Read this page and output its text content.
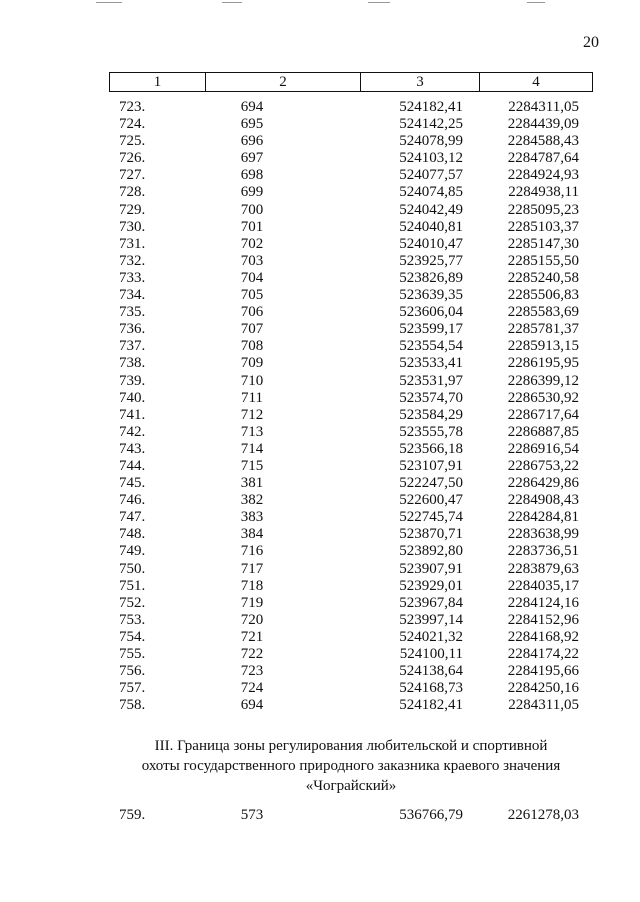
20
1	2	3	4
723.	694	524182,41	2284311,05
724.	695	524142,25	2284439,09
725.	696	524078,99	2284588,43
726.	697	524103,12	2284787,64
727.	698	524077,57	2284924,93
728.	699	524074,85	2284938,11
729.	700	524042,49	2285095,23
730.	701	524040,81	2285103,37
731.	702	524010,47	2285147,30
732.	703	523925,77	2285155,50
733.	704	523826,89	2285240,58
734.	705	523639,35	2285506,83
735.	706	523606,04	2285583,69
736.	707	523599,17	2285781,37
737.	708	523554,54	2285913,15
738.	709	523533,41	2286195,95
739.	710	523531,97	2286399,12
740.	711	523574,70	2286530,92
741.	712	523584,29	2286717,64
742.	713	523555,78	2286887,85
743.	714	523566,18	2286916,54
744.	715	523107,91	2286753,22
745.	381	522247,50	2286429,86
746.	382	522600,47	2284908,43
747.	383	522745,74	2284284,81
748.	384	523870,71	2283638,99
749.	716	523892,80	2283736,51
750.	717	523907,91	2283879,63
751.	718	523929,01	2284035,17
752.	719	523967,84	2284124,16
753.	720	523997,14	2284152,96
754.	721	524021,32	2284168,92
755.	722	524100,11	2284174,22
756.	723	524138,64	2284195,66
757.	724	524168,73	2284250,16
758.	694	524182,41	2284311,05
III. Граница зоны регулирования любительской и спортивной
охоты государственного природного заказника краевого значения
«Чограйский»
759.	573	536766,79	2261278,03
